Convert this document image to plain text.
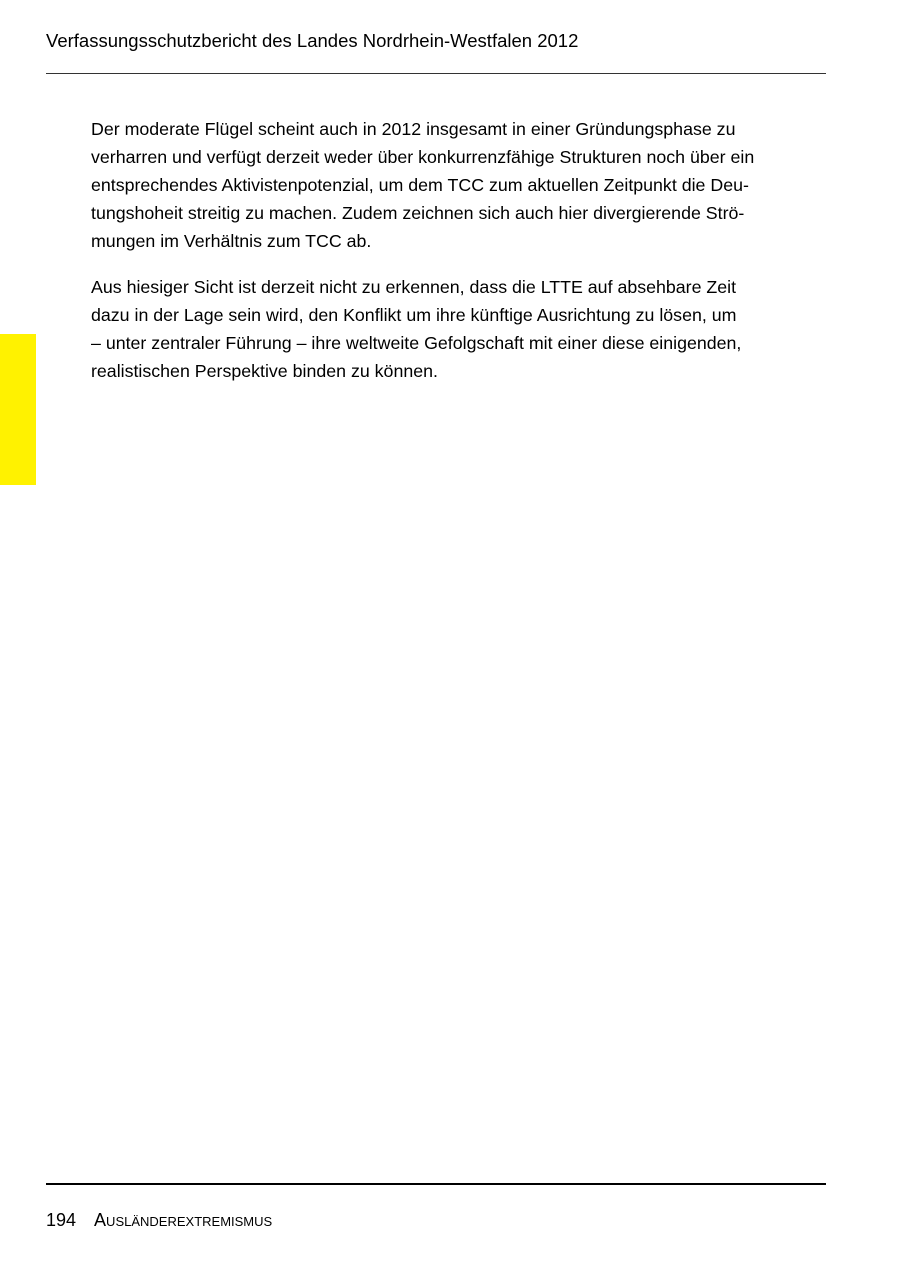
Verfassungsschutzbericht des Landes Nordrhein-Westfalen 2012

Der moderate Flügel scheint auch in 2012 insgesamt in einer Gründungsphase zu
verharren und verfügt derzeit weder über konkurrenzfähige Strukturen noch über ein
entsprechendes Aktivistenpotenzial, um dem TCC zum aktuellen Zeitpunkt die Deu-
tungshoheit streitig zu machen. Zudem zeichnen sich auch hier divergierende Strö-
mungen im Verhältnis zum TCC ab.

Aus hiesiger Sicht ist derzeit nicht zu erkennen, dass die LTTE auf absehbare Zeit
dazu in der Lage sein wird, den Konflikt um ihre künftige Ausrichtung zu lösen, um
– unter zentraler Führung – ihre weltweite Gefolgschaft mit einer diese einigenden,
realistischen Perspektive binden zu können.

194 Ausländerextremismus
